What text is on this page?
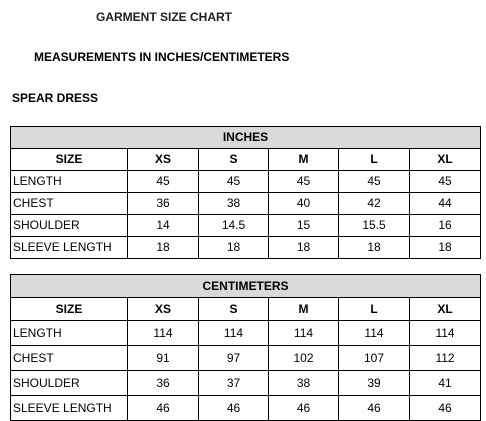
GARMENT SIZE CHART
MEASUREMENTS IN INCHES/CENTIMETERS
SPEAR DRESS
INCHES					
SIZE	XS	S	M	L	XL
LENGTH	45	45	45	45	45
CHEST	36	38	40	42	44
SHOULDER	14	14.5	15	15.5	16
SLEEVE LENGTH	18	18	18	18	18
CENTIMETERS					
SIZE	XS	S	M	L	XL
LENGTH	114	114	114	114	114
CHEST	91	97	102	107	112
SHOULDER	36	37	38	39	41
SLEEVE LENGTH	46	46	46	46	46
